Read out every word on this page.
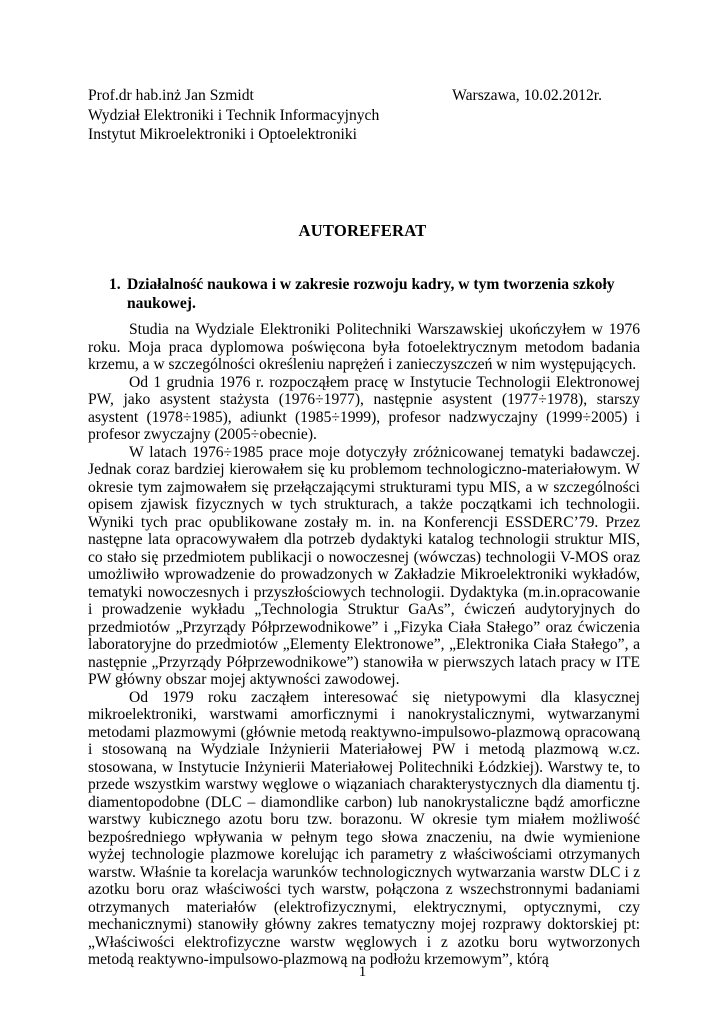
Prof.dr hab.inż Jan Szmidt	Warszawa, 10.02.2012r.
Wydział Elektroniki i Technik Informacyjnych
Instytut Mikroelektroniki i Optoelektroniki
AUTOREFERAT
1. Działalność naukowa i w zakresie rozwoju kadry, w tym tworzenia szkoły naukowej.

Studia na Wydziale Elektroniki Politechniki Warszawskiej ukończyłem w 1976 roku. Moja praca dyplomowa poświęcona była fotoelektrycznym metodom badania krzemu, a w szczególności określeniu naprężeń i zanieczyszczeń w nim występujących.

Od 1 grudnia 1976 r. rozpocząłem pracę w Instytucie Technologii Elektronowej PW, jako asystent stażysta (1976÷1977), następnie asystent (1977÷1978), starszy asystent (1978÷1985), adiunkt (1985÷1999), profesor nadzwyczajny (1999÷2005) i profesor zwyczajny (2005÷obecnie).

W latach 1976÷1985 prace moje dotyczyły zróżnicowanej tematyki badawczej. Jednak coraz bardziej kierowałem się ku problemom technologiczno-materiałowym. W okresie tym zajmowałem się przełączającymi strukturami typu MIS, a w szczególności opisem zjawisk fizycznych w tych strukturach, a także początkami ich technologii. Wyniki tych prac opublikowane zostały m. in. na Konferencji ESSDERC’79. Przez następne lata opracowywałem dla potrzeb dydaktyki katalog technologii struktur MIS, co stało się przedmiotem publikacji o nowoczesnej (wówczas) technologii V-MOS oraz umożliwiło wprowadzenie do prowadzonych w Zakładzie Mikroelektroniki wykładów, tematyki nowoczesnych i przyszłościowych technologii. Dydaktyka (m.in.opracowanie i prowadzenie wykładu „Technologia Struktur GaAs”, ćwiczeń audytoryjnych do przedmiotów „Przyrządy Półprzewodnikowe” i „Fizyka Ciała Stałego” oraz ćwiczenia laboratoryjne do przedmiotów „Elementy Elektronowe”, „Elektronika Ciała Stałego”, a następnie „Przyrządy Półprzewodnikowe”) stanowiła w pierwszych latach pracy w ITE PW główny obszar mojej aktywności zawodowej.

Od 1979 roku zacząłem interesować się nietypowymi dla klasycznej mikroelektroniki, warstwami amorficznymi i nanokrystalicznymi, wytwarzanymi metodami plazmowymi (głównie metodą reaktywno-impulsowo-plazmową opracowaną i stosowaną na Wydziale Inżynierii Materiałowej PW i metodą plazmową w.cz. stosowana, w Instytucie Inżynierii Materiałowej Politechniki Łódzkiej). Warstwy te, to przede wszystkim warstwy węglowe o wiązaniach charakterystycznych dla diamentu tj. diamentopodobne (DLC – diamondlike carbon) lub nanokrystaliczne bądź amorficzne warstwy kubicznego azotu boru tzw. borazonu. W okresie tym miałem możliwość bezpośredniego wpływania w pełnym tego słowa znaczeniu, na dwie wymienione wyżej technologie plazmowe korelując ich parametry z właściwościami otrzymanych warstw. Właśnie ta korelacja warunków technologicznych wytwarzania warstw DLC i z azotku boru oraz właściwości tych warstw, połączona z wszechstronnymi badaniami otrzymanych materiałów (elektrofizycznymi, elektrycznymi, optycznymi, czy mechanicznymi) stanowiły główny zakres tematyczny mojej rozprawy doktorskiej pt: „Właściwości elektrofizyczne warstw węglowych i z azotku boru wytworzonych metodą reaktywno-impulsowo-plazmową na podłożu krzemowym”, którą

1
